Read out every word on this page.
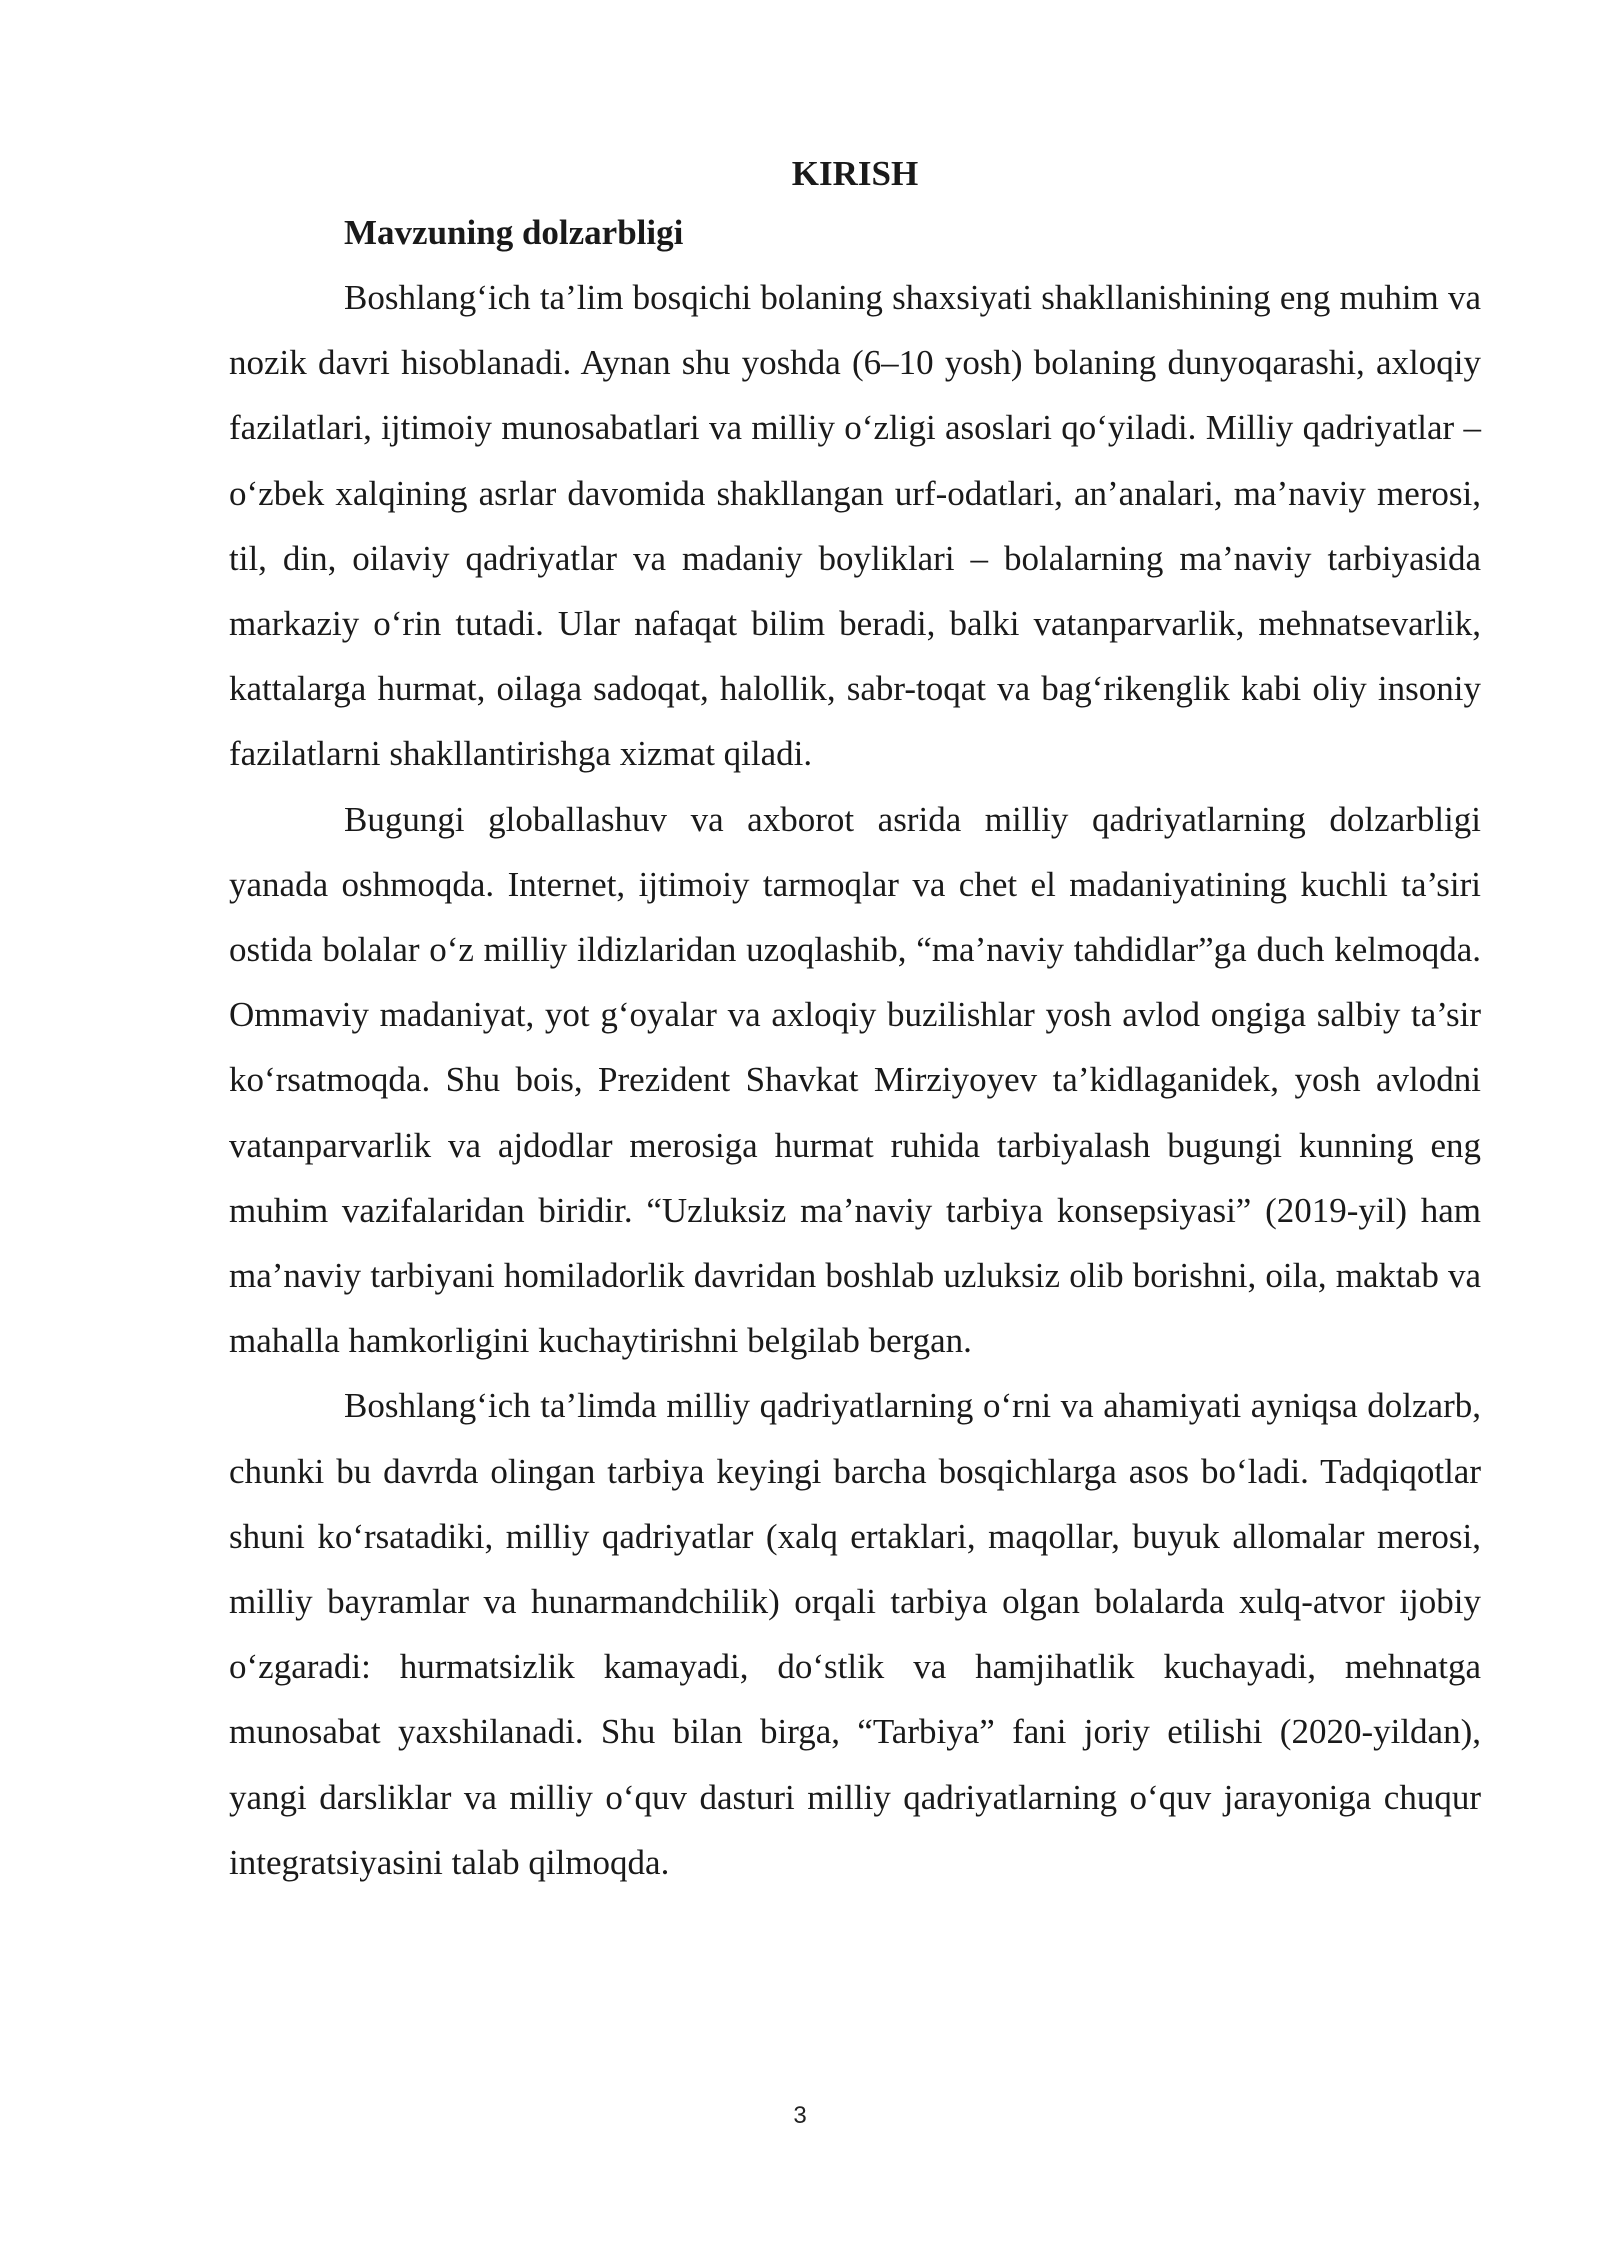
KIRISH
Mavzuning dolzarbligi

Boshlang‘ich ta’lim bosqichi bolaning shaxsiyati shakllanishining eng muhim va nozik davri hisoblanadi. Aynan shu yoshda (6–10 yosh) bolaning dunyoqarashi, axloqiy fazilatlari, ijtimoiy munosabatlari va milliy o‘zligi asoslari qo‘yiladi. Milliy qadriyatlar – o‘zbek xalqining asrlar davomida shakllangan urf-odatlari, an’analari, ma’naviy merosi, til, din, oilaviy qadriyatlar va madaniy boyliklari – bolalarning ma’naviy tarbiyasida markaziy o‘rin tutadi. Ular nafaqat bilim beradi, balki vatanparvarlik, mehnatsevarlik, kattalarga hurmat, oilaga sadoqat, halollik, sabr-toqat va bag‘rikenglik kabi oliy insoniy fazilatlarni shakllantirishga xizmat qiladi.

Bugungi globallashuv va axborot asrida milliy qadriyatlarning dolzarbligi yanada oshmoqda. Internet, ijtimoiy tarmoqlar va chet el madaniyatining kuchli ta’siri ostida bolalar o‘z milliy ildizlaridan uzoqlashib, “ma’naviy tahdidlar”ga duch kelmoqda. Ommaviy madaniyat, yot g‘oyalar va axloqiy buzilishlar yosh avlod ongiga salbiy ta’sir ko‘rsatmoqda. Shu bois, Prezident Shavkat Mirziyoyev ta’kidlaganidek, yosh avlodni vatanparvarlik va ajdodlar merosiga hurmat ruhida tarbiyalash bugungi kunning eng muhim vazifalaridan biridir. “Uzluksiz ma’naviy tarbiya konsepsiyasi” (2019-yil) ham ma’naviy tarbiyani homiladorlik davridan boshlab uzluksiz olib borishni, oila, maktab va mahalla hamkorligini kuchaytirishni belgilab bergan.

Boshlang‘ich ta’limda milliy qadriyatlarning o‘rni va ahamiyati ayniqsa dolzarb, chunki bu davrda olingan tarbiya keyingi barcha bosqichlarga asos bo‘ladi. Tadqiqotlar shuni ko‘rsatadiki, milliy qadriyatlar (xalq ertaklari, maqollar, buyuk allomalar merosi, milliy bayramlar va hunarmandchilik) orqali tarbiya olgan bolalarda xulq-atvor ijobiy o‘zgaradi: hurmatsizlik kamayadi, do‘stlik va hamjihatlik kuchayadi, mehnatga munosabat yaxshilanadi. Shu bilan birga, “Tarbiya” fani joriy etilishi (2020-yildan), yangi darsliklar va milliy o‘quv dasturi milliy qadriyatlarning o‘quv jarayoniga chuqur integratsiyasini talab qilmoqda.

3
